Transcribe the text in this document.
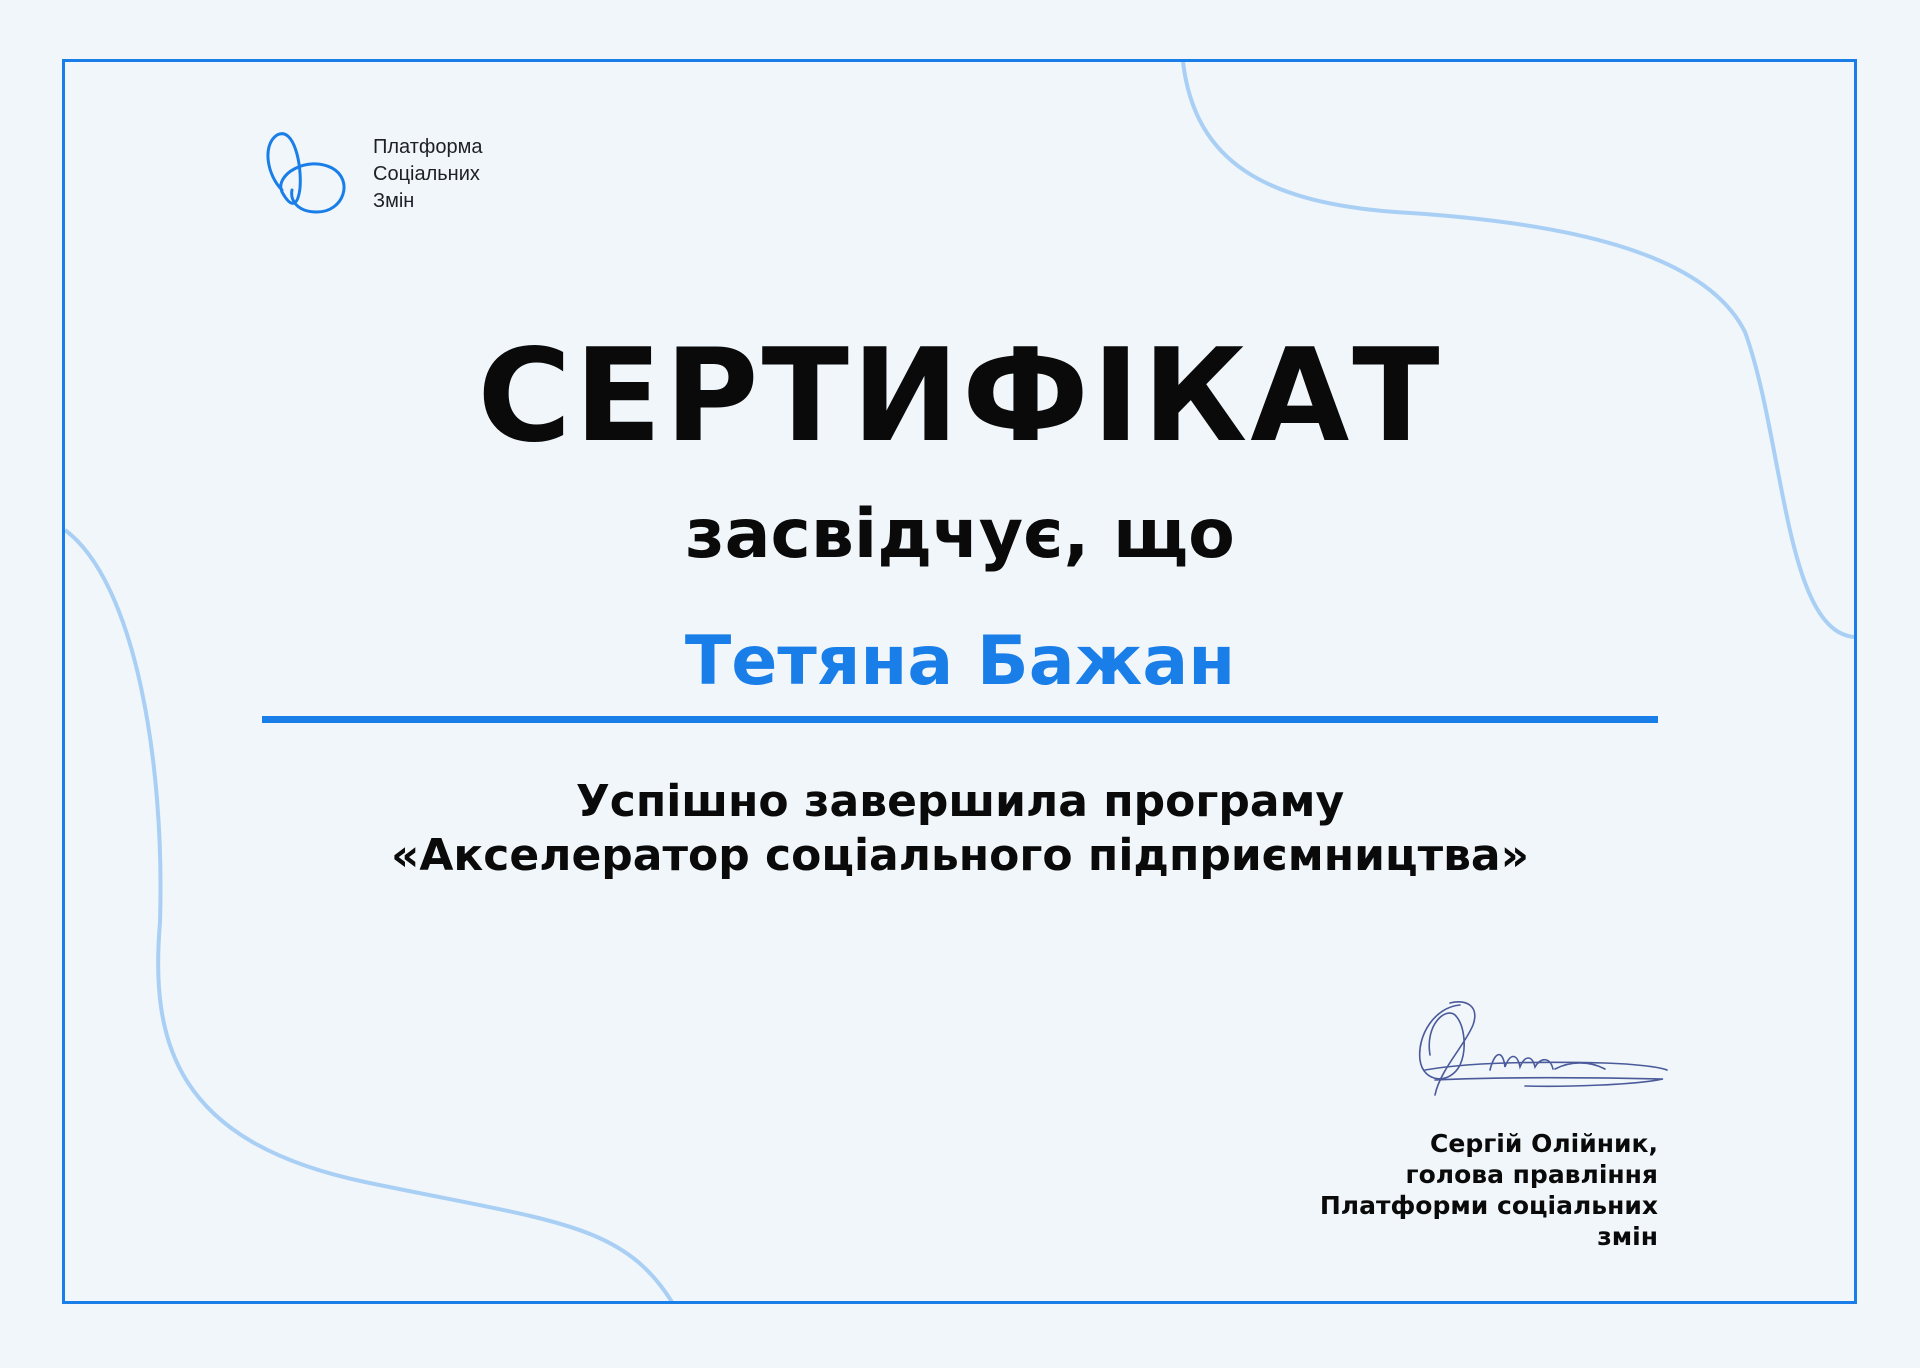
Платформа
Соціальних
Змін
СЕРТИФІКАТ
засвідчує, що
Тетяна Бажан
Успішно завершила програму
«Акселератор соціального підприємництва»
Сергій Олійник,
голова правління
Платформи соціальних
змін
